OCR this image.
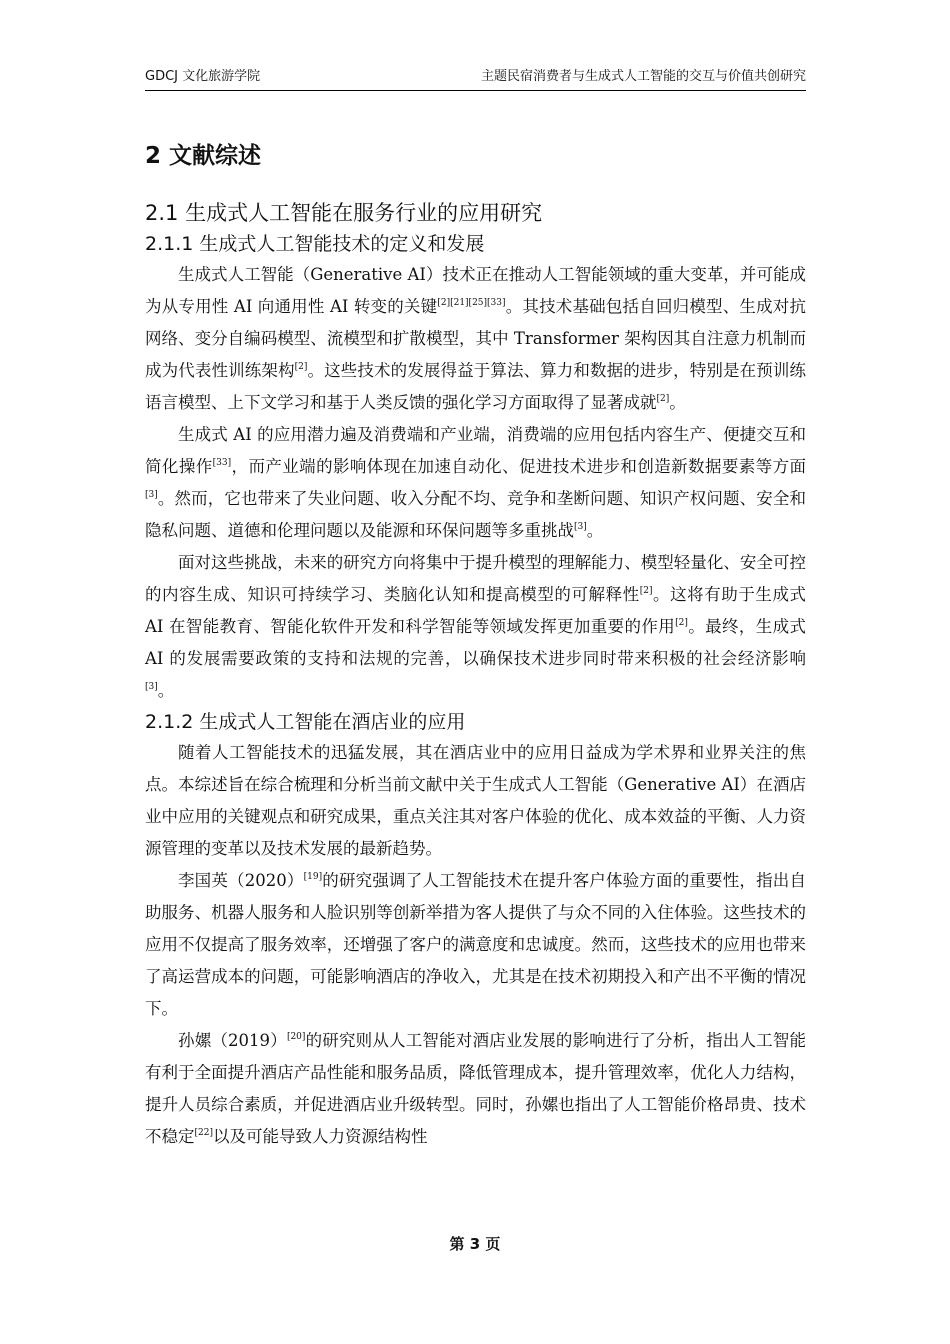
GDCJ 文化旅游学院	主题民宿消费者与生成式人工智能的交互与价值共创研究
2 文献综述
2.1 生成式人工智能在服务行业的应用研究
2.1.1 生成式人工智能技术的定义和发展

生成式人工智能（Generative AI）技术正在推动人工智能领域的重大变革，并可能成为从专用性 AI 向通用性 AI 转变的关键[2][21][25][33]。其技术基础包括自回归模型、生成对抗网络、变分自编码模型、流模型和扩散模型，其中 Transformer 架构因其自注意力机制而成为代表性训练架构[2]。这些技术的发展得益于算法、算力和数据的进步，特别是在预训练语言模型、上下文学习和基于人类反馈的强化学习方面取得了显著成就[2]。

生成式 AI 的应用潜力遍及消费端和产业端，消费端的应用包括内容生产、便捷交互和简化操作[33]，而产业端的影响体现在加速自动化、促进技术进步和创造新数据要素等方面[3]。然而，它也带来了失业问题、收入分配不均、竞争和垄断问题、知识产权问题、安全和隐私问题、道德和伦理问题以及能源和环保问题等多重挑战[3]。

面对这些挑战，未来的研究方向将集中于提升模型的理解能力、模型轻量化、安全可控的内容生成、知识可持续学习、类脑化认知和提高模型的可解释性[2]。这将有助于生成式 AI 在智能教育、智能化软件开发和科学智能等领域发挥更加重要的作用[2]。最终，生成式 AI 的发展需要政策的支持和法规的完善，以确保技术进步同时带来积极的社会经济影响[3]。

2.1.2 生成式人工智能在酒店业的应用

随着人工智能技术的迅猛发展，其在酒店业中的应用日益成为学术界和业界关注的焦点。本综述旨在综合梳理和分析当前文献中关于生成式人工智能（Generative AI）在酒店业中应用的关键观点和研究成果，重点关注其对客户体验的优化、成本效益的平衡、人力资源管理的变革以及技术发展的最新趋势。

李国英（2020）[19]的研究强调了人工智能技术在提升客户体验方面的重要性，指出自助服务、机器人服务和人脸识别等创新举措为客人提供了与众不同的入住体验。这些技术的应用不仅提高了服务效率，还增强了客户的满意度和忠诚度。然而，这些技术的应用也带来了高运营成本的问题，可能影响酒店的净收入，尤其是在技术初期投入和产出不平衡的情况下。

孙嫘（2019）[20]的研究则从人工智能对酒店业发展的影响进行了分析，指出人工智能有利于全面提升酒店产品性能和服务品质，降低管理成本，提升管理效率，优化人力结构，提升人员综合素质，并促进酒店业升级转型。同时，孙嫘也指出了人工智能价格昂贵、技术不稳定[22]以及可能导致人力资源结构性

第 3 页
